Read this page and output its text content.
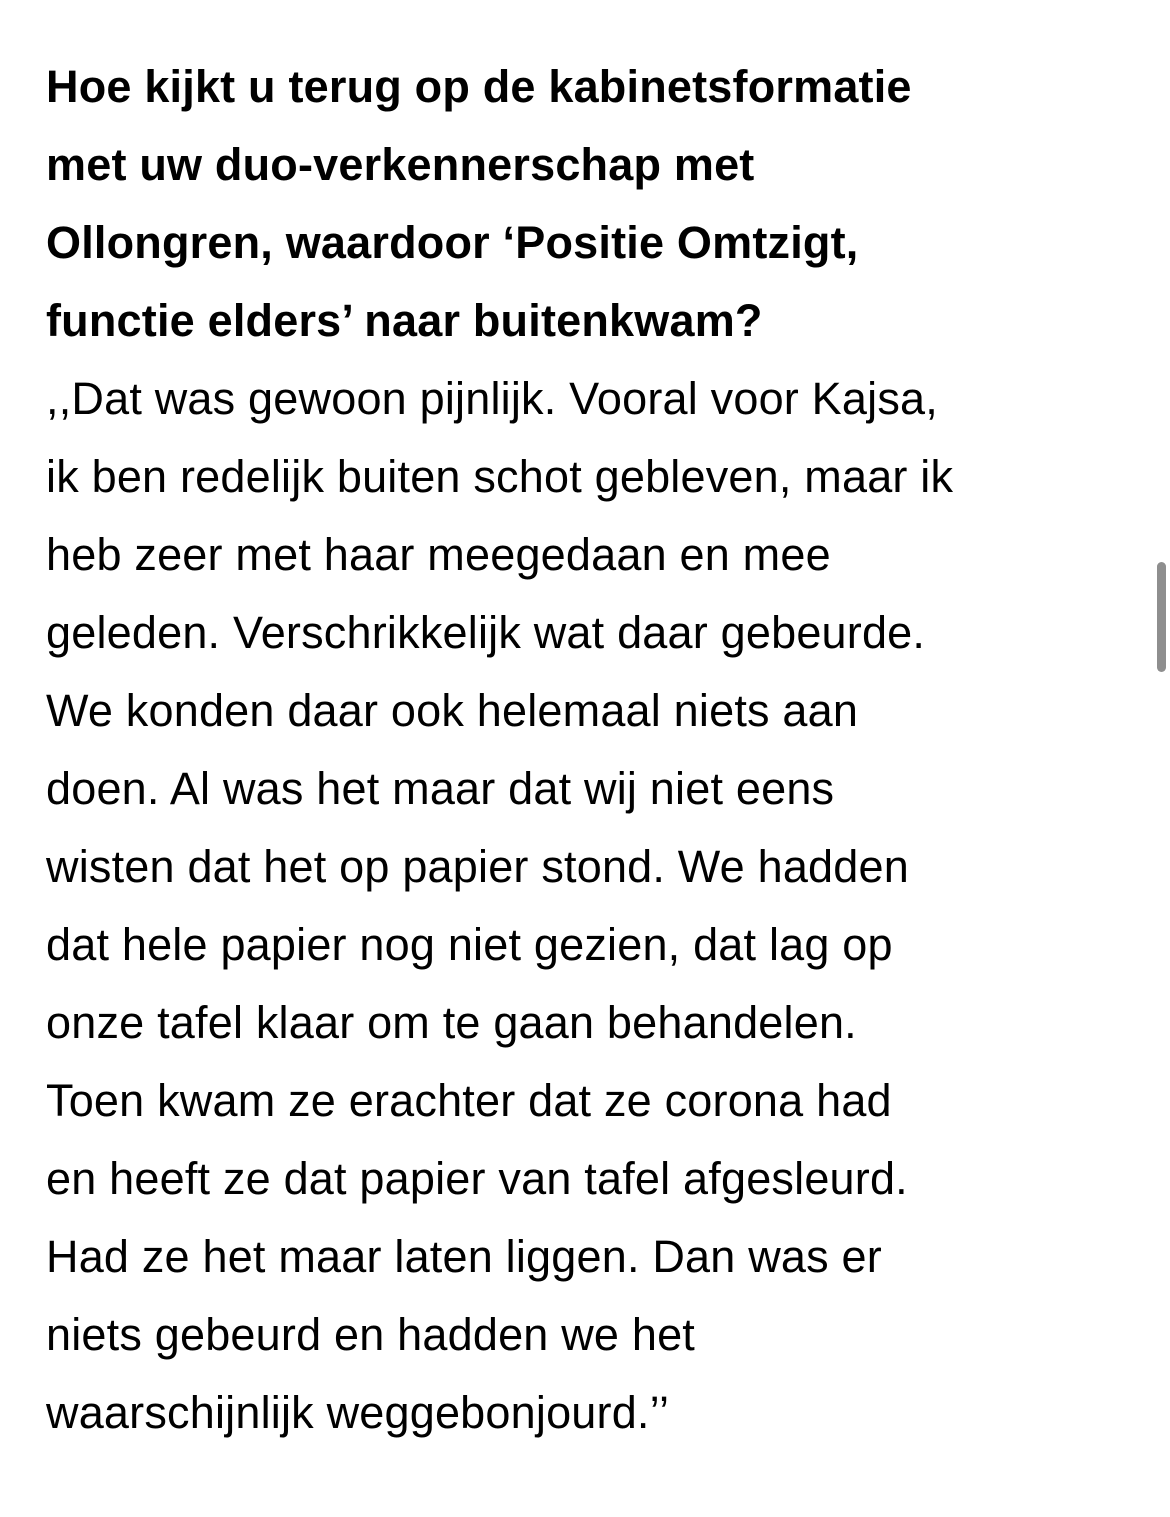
Hoe kijkt u terug op de kabinetsformatie
met uw duo-verkennerschap met
Ollongren, waardoor ‘Positie Omtzigt,
functie elders’ naar buitenkwam?

,,Dat was gewoon pijnlijk. Vooral voor Kajsa,
ik ben redelijk buiten schot gebleven, maar ik
heb zeer met haar meegedaan en mee
geleden. Verschrikkelijk wat daar gebeurde.
We konden daar ook helemaal niets aan
doen. Al was het maar dat wij niet eens
wisten dat het op papier stond. We hadden
dat hele papier nog niet gezien, dat lag op
onze tafel klaar om te gaan behandelen.
Toen kwam ze erachter dat ze corona had
en heeft ze dat papier van tafel afgesleurd.
Had ze het maar laten liggen. Dan was er
niets gebeurd en hadden we het
waarschijnlijk weggebonjourd.’’
